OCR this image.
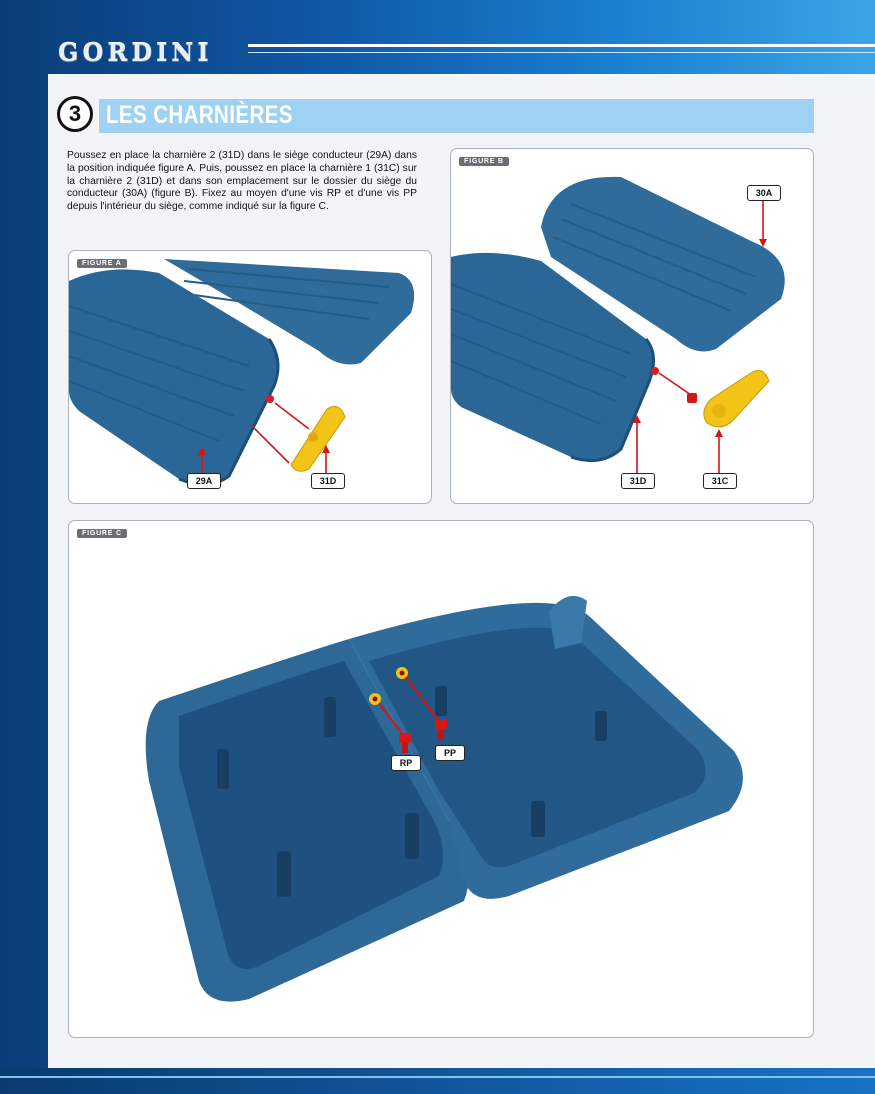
GORDINI
3 LES CHARNIÈRES
Poussez en place la charnière 2 (31D) dans le siège conducteur (29A) dans la position indiquée figure A. Puis, poussez en place la charnière 1 (31C) sur la charnière 2 (31D) et dans son emplacement sur le dossier du siège du conducteur (30A) (figure B). Fixez au moyen d'une vis RP et d'une vis PP depuis l'intérieur du siège, comme indiqué sur la figure C.
FIGURE A
29A	31D
FIGURE B
30A
31D	31C
FIGURE C
RP
PP
